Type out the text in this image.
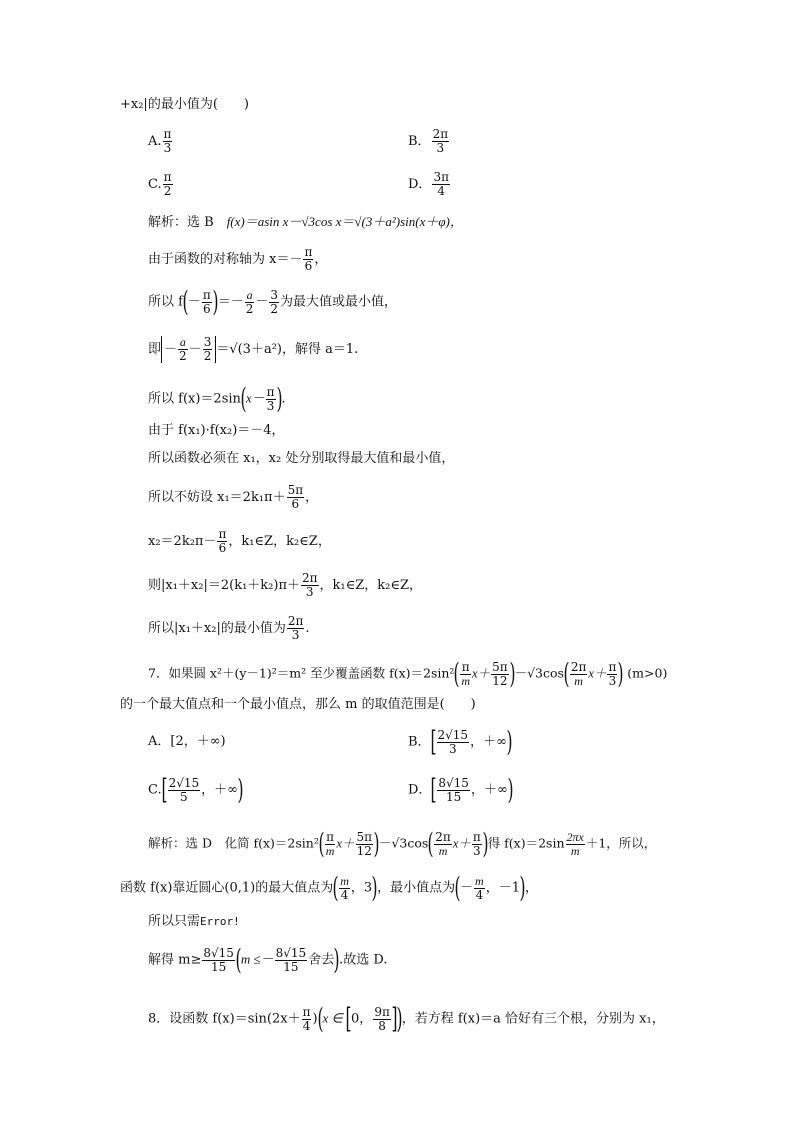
+x₂|的最小值为(　　)
A. $\frac{\pi}{3}$	B． $\frac{2\pi}{3}$
C. $\frac{\pi}{2}$	D． $\frac{3\pi}{4}$
解析：选 B　f(x)＝asin x－√3cos x＝√(3＋a²)sin(x＋φ)，
由于函数的对称轴为 $x=- \frac{\pi}{6}$ ，
所以 $f(- \frac{\pi}{6}$ )＝－ $\frac{a}{2} - \frac{3}{2}$ 为最大值或最小值，
即 － $\frac{a}{2} - \frac{3}{2} =√(3+a^2)$，解得 a＝1.
所以 $f(x)=2\sin(x- \frac{\pi}{3}$ ).
由于 f(x₁)·f(x₂)＝－4，
所以函数必须在 x₁，x₂ 处分别取得最大值和最小值，
所以不妨设 $x_1=2k_1\pi+ \frac{5\pi}{6}$ ，
$x_2=2k_2\pi- \frac{\pi}{6}$ ，k₁∈Z，k₂∈Z，
则$|x_1+x_2|=2(k_1+k_2)\pi+ \frac{2\pi}{3}$ ，k₁∈Z，k₂∈Z，
所以|x₁＋x₂|的最小值为 $\frac{2\pi}{3}$ .
7．如果圆 x²＋(y－1)²＝m² 至少覆盖函数 $f(x)=2\sin^2( \frac{\pi}{m} x+ \frac{5\pi}{12} )-√3\cos( \frac{2\pi}{m} x+ \frac{\pi}{3}$ ) (m>0)
的一个最大值点和一个最小值点，那么 m 的取值范围是(　　)
A．[2，＋∞)	B．[ $\frac{2√15}{3}$ ，＋∞)
$C.[ \frac{2√15}{5}$ ，＋∞)	D．[ $\frac{8√15}{15}$ ，＋∞)
解析：选 D　化简 $f(x)=2\sin^2( \frac{\pi}{m} x+ \frac{5\pi}{12} )-√3\cos( \frac{2\pi}{m} x+ \frac{\pi}{3}$ )得 $f(x)=2\sin \frac{2\pi x}{m} +1$，所以，
函数 f(x)靠近圆心(0,1)的最大值点为( $\frac{m}{4}$ ，3)，最小值点为(－ $\frac{m}{4}$ ，－1)，
所以只需Error!
解得 $m\ge \frac{8√15}{15} (m \le- \frac{8√15}{15}$ 舍去).故选 D.
8．设函数 $f(x)=\sin(2x+ \frac{\pi}{4} )(x$ ∈ [0， $\frac{9\pi}{8}$ ])，若方程 f(x)＝a 恰好有三个根，分别为 x₁，
